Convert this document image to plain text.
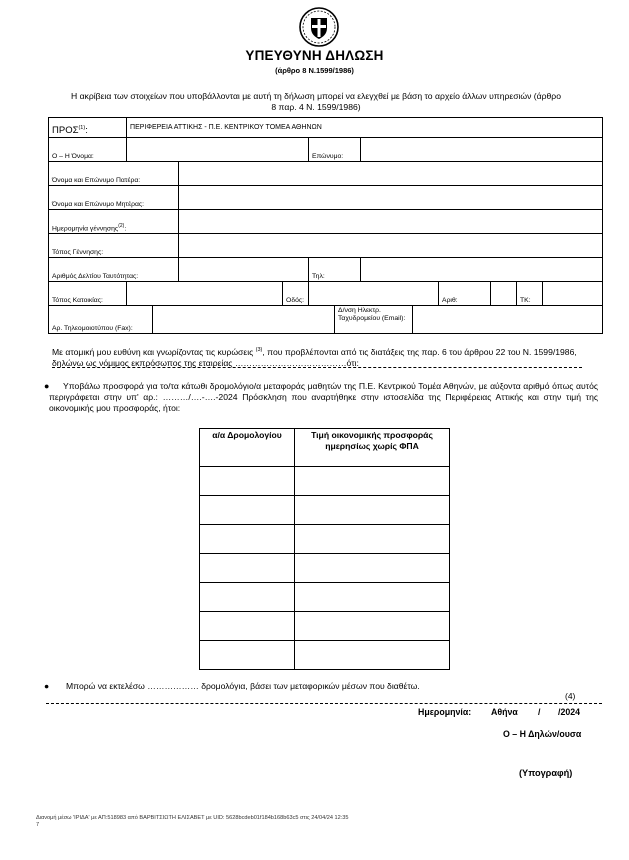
ΥΠΕΥΘΥΝΗ ΔΗΛΩΣΗ
(άρθρο 8 Ν.1599/1986)
Η ακρίβεια των στοιχείων που υποβάλλονται με αυτή τη δήλωση μπορεί να ελεγχθεί με βάση το αρχείο άλλων υπηρεσιών (άρθρο
8 παρ. 4 Ν. 1599/1986)
ΠΡΟΣ$^{(1)}$:	ΠΕΡΙΦΕΡΕΙΑ ΑΤΤΙΚΗΣ - Π.Ε. ΚΕΝΤΡΙΚΟΥ ΤΟΜΕΑ ΑΘΗΝΩΝ											
Ο – Η Όνομα:					Επώνυμο:							
Όνομα και Επώνυμο Πατέρα:												
Όνομα και Επώνυμο Μητέρας:												
Ημερομηνία γέννησης$^{(2)}$:												
Τόπος Γέννησης:												
Αριθμός Δελτίου Ταυτότητας:					Τηλ:							
Τόπος Κατοικίας:				Οδός:					Αριθ:		ΤΚ:	
Αρ. Τηλεομοιοτύπου (Fax):						Δ/νση Ηλεκτρ. Ταχυδρομείου (Email):						
Με ατομική μου ευθύνη και γνωρίζοντας τις κυρώσεις $^{(3)}$, που προβλέπονται από τις διατάξεις της παρ. 6 του άρθρου 22 του Ν. 1599/1986, δηλώνω ως νόμιμος εκπρόσωπος της εταιρείας …………………………………ότι:
●	Υποβάλω προσφορά για το/τα κάτωθι δρομολόγιο/α μεταφοράς μαθητών της Π.Ε. Κεντρικού Τομέα Αθηνών, με αύξοντα αριθμό όπως αυτός περιγράφεται στην υπ' αρ.: ………/….-….-2024 Πρόσκληση που αναρτήθηκε στην ιστοσελίδα της Περιφέρειας Αττικής και στην τιμή της οικονομικής μου προσφοράς, ήτοι:
α/α Δρομολογίου	Τιμή οικονομικής προσφοράς ημερησίως χωρίς ΦΠΑ

● Μπορώ να εκτελέσω ……………… δρομολόγια, βάσει των μεταφορικών μέσων που διαθέτω.
(4)
Ημερομηνία: Αθήνα / /2024
Ο – Η Δηλών/ουσα
(Υπογραφή)
Διανομή μέσω 'ΙΡΙΔΑ' με ΑΠ:518983 από ΒΑΡΒΙΤΣΙΩΤΗ ΕΛΙΣΑΒΕΤ με UID: 5628bcdeb01f184b168b63c5 στις 24/04/24 12:35
7
